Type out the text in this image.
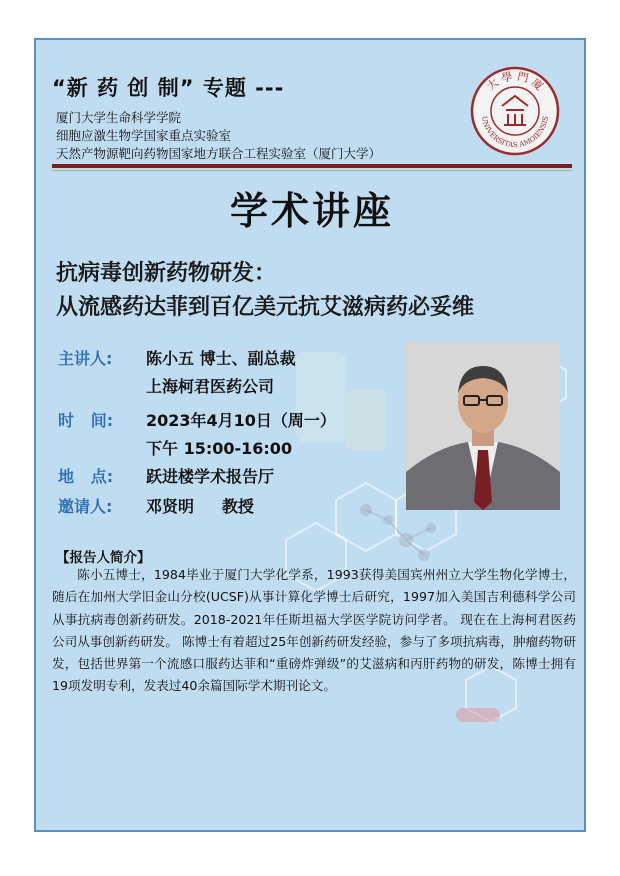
“新 药 创 制” 专题 ---
厦门大学生命科学学院
细胞应激生物学国家重点实验室
天然产物源靶向药物国家地方联合工程实验室（厦门大学）
大 學 門 廈
UNIVERSITAS AMOIENSIS
学术讲座
抗病毒创新药物研发：
从流感药达菲到百亿美元抗艾滋病药必妥维
主讲人: 陈小五 博士、副总裁
上海柯君医药公司
时   间: 2023年4月10日（周一）
下午 15:00-16:00
地   点: 跃进楼学术报告厅
邀请人: 邓贤明     教授
【报告人简介】
陈小五博士，1984毕业于厦门大学化学系，1993获得美国宾州州立大学生物化学博士，随后在加州大学旧金山分校(UCSF)从事计算化学博士后研究，1997加入美国吉利德科学公司从事抗病毒创新药研发。2018-2021年任斯坦福大学医学院访问学者。 现在在上海柯君医药公司从事创新药研发。 陈博士有着超过25年创新药研发经验，参与了多项抗病毒，肿瘤药物研发，包括世界第一个流感口服药达菲和“重磅炸弹级”的艾滋病和丙肝药物的研发，陈博士拥有19项发明专利，发表过40余篇国际学术期刊论文。
